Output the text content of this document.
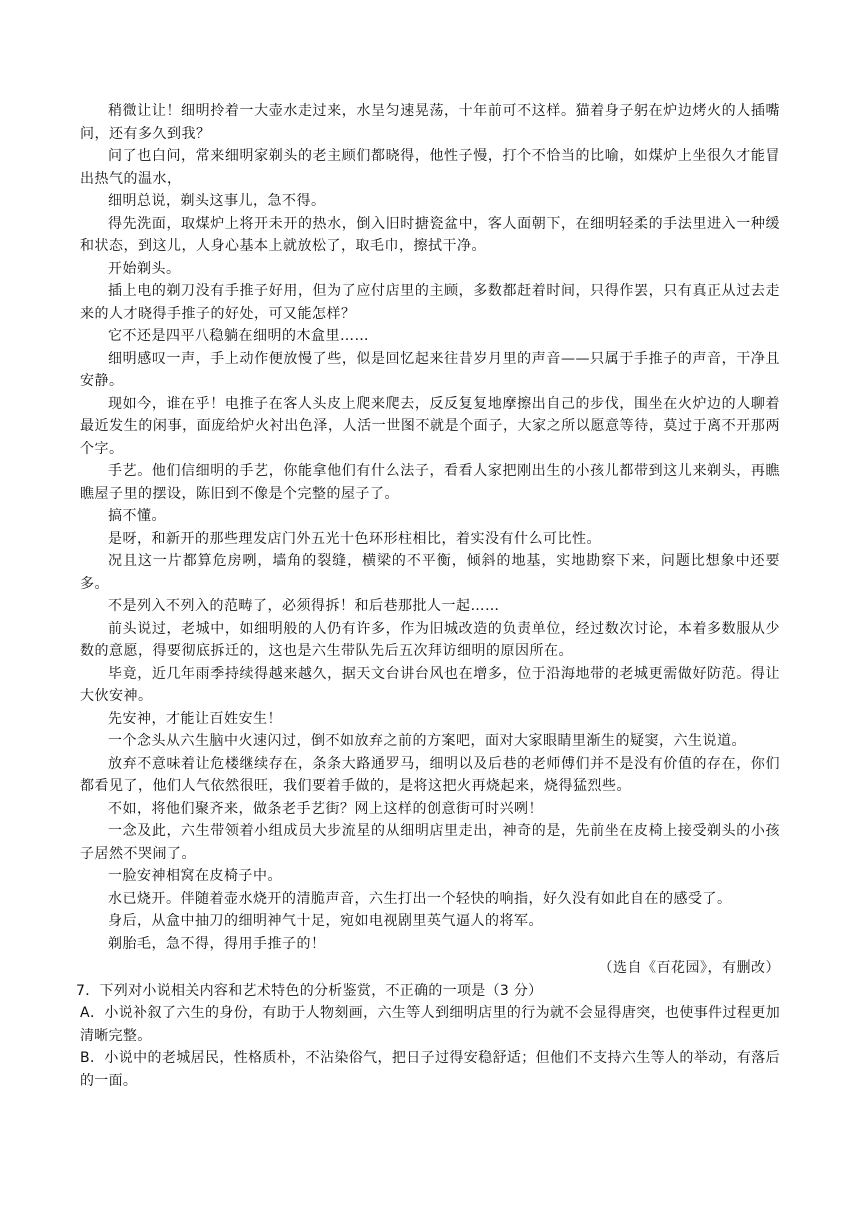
稍微让让！细明拎着一大壶水走过来，水呈匀速晃荡，十年前可不这样。猫着身子躬在炉边烤火的人插嘴问，还有多久到我？

问了也白问，常来细明家剃头的老主顾们都晓得，他性子慢，打个不恰当的比喻，如煤炉上坐很久才能冒出热气的温水，

细明总说，剃头这事儿，急不得。

得先洗面，取煤炉上将开未开的热水，倒入旧时搪瓷盆中，客人面朝下，在细明轻柔的手法里进入一种缓和状态，到这儿，人身心基本上就放松了，取毛巾，擦拭干净。

开始剃头。

插上电的剃刀没有手推子好用，但为了应付店里的主顾，多数都赶着时间，只得作罢，只有真正从过去走来的人才晓得手推子的好处，可又能怎样？

它不还是四平八稳躺在细明的木盒里……

细明感叹一声，手上动作便放慢了些，似是回忆起来往昔岁月里的声音——只属于手推子的声音，干净且安静。

现如今，谁在乎！电推子在客人头皮上爬来爬去，反反复复地摩擦出自己的步伐，围坐在火炉边的人聊着最近发生的闲事，面庞给炉火衬出色泽，人活一世图不就是个面子，大家之所以愿意等待，莫过于离不开那两个字。

手艺。他们信细明的手艺，你能拿他们有什么法子，看看人家把刚出生的小孩儿都带到这儿来剃头，再瞧瞧屋子里的摆设，陈旧到不像是个完整的屋子了。

搞不懂。

是呀，和新开的那些理发店门外五光十色环形柱相比，着实没有什么可比性。

况且这一片都算危房咧，墙角的裂缝，横梁的不平衡，倾斜的地基，实地勘察下来，问题比想象中还要多。

不是列入不列入的范畴了，必须得拆！和后巷那批人一起……

前头说过，老城中，如细明般的人仍有许多，作为旧城改造的负责单位，经过数次讨论，本着多数服从少数的意愿，得要彻底拆迁的，这也是六生带队先后五次拜访细明的原因所在。

毕竟，近几年雨季持续得越来越久，据天文台讲台风也在增多，位于沿海地带的老城更需做好防范。得让大伙安神。

先安神，才能让百姓安生！

一个念头从六生脑中火速闪过，倒不如放弃之前的方案吧，面对大家眼睛里渐生的疑窦，六生说道。

放弃不意味着让危楼继续存在，条条大路通罗马，细明以及后巷的老师傅们并不是没有价值的存在，你们都看见了，他们人气依然很旺，我们要着手做的，是将这把火再烧起来，烧得猛烈些。

不如，将他们聚齐来，做条老手艺街？网上这样的创意街可时兴咧！

一念及此，六生带领着小组成员大步流星的从细明店里走出，神奇的是，先前坐在皮椅上接受剃头的小孩子居然不哭闹了。

一脸安神相窝在皮椅子中。

水已烧开。伴随着壶水烧开的清脆声音，六生打出一个轻快的响指，好久没有如此自在的感受了。

身后，从盒中抽刀的细明神气十足，宛如电视剧里英气逼人的将军。

剃胎毛，急不得，得用手推子的！

（选自《百花园》，有删改）

7．下列对小说相关内容和艺术特色的分析鉴赏，不正确的一项是（3 分）

A．小说补叙了六生的身份，有助于人物刻画，六生等人到细明店里的行为就不会显得唐突，也使事件过程更加清晰完整。

B．小说中的老城居民，性格质朴，不沾染俗气，把日子过得安稳舒适；但他们不支持六生等人的举动，有落后的一面。
